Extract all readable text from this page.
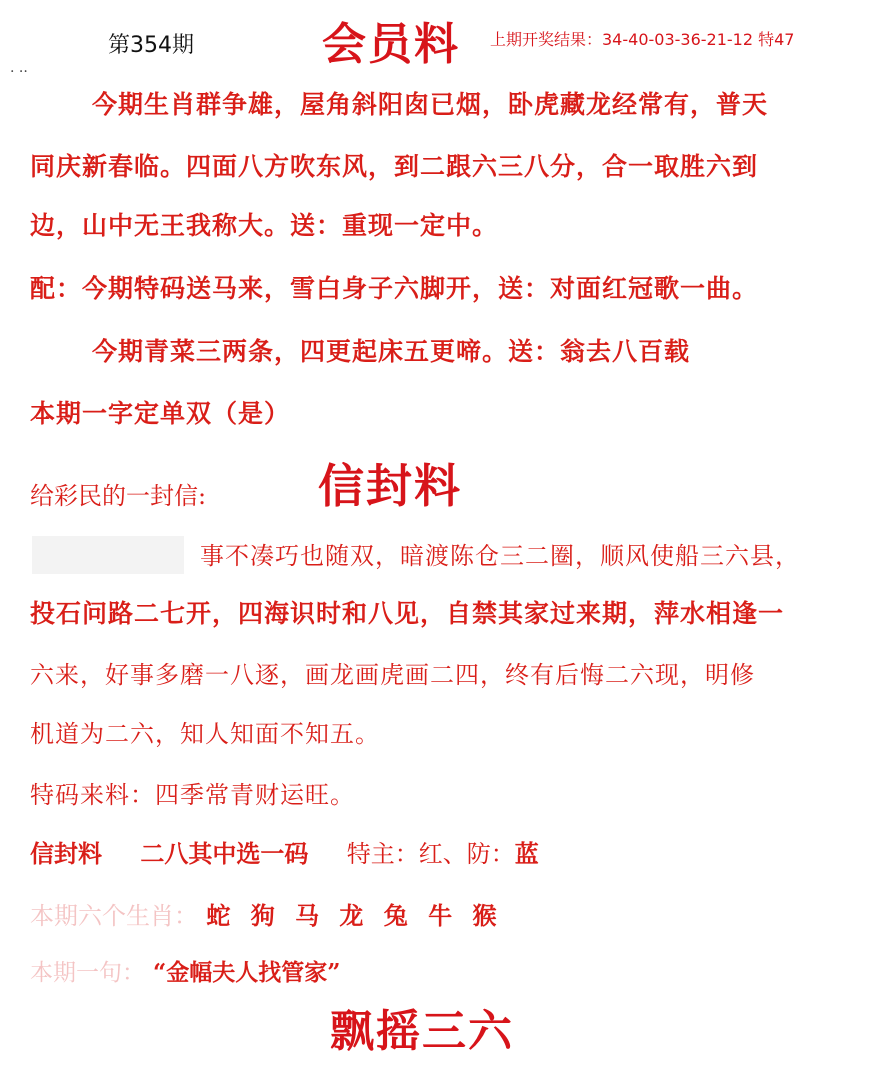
. ..
第354期	会员料 上期开奖结果：34-40-03-36-21-12 特47
今期生肖群争雄，屋角斜阳囱已烟，卧虎藏龙经常有，普天
同庆新春临。四面八方吹东风，到二跟六三八分，合一取胜六到
边，山中无王我称大。送：重现一定中。
配：今期特码送马来，雪白身子六脚开，送：对面红冠歌一曲。
今期青菜三两条，四更起床五更啼。送：翁去八百载
本期一字定单双（是）
给彩民的一封信: 信封料
事不凑巧也随双，暗渡陈仓三二圈，顺风使船三六县，
投石问路二七开，四海识时和八见，自禁其家过来期，萍水相逢一
六来，好事多磨一八逐，画龙画虎画二四，终有后悔二六现，明修
机道为二六，知人知面不知五。
特码来料：四季常青财运旺。
信封料 二八其中选一码 特主：红、防：蓝
本期六个生肖： 蛇 狗 马 龙 兔 牛 猴
本期一句： “金幅夫人找管家”
飘摇三六
